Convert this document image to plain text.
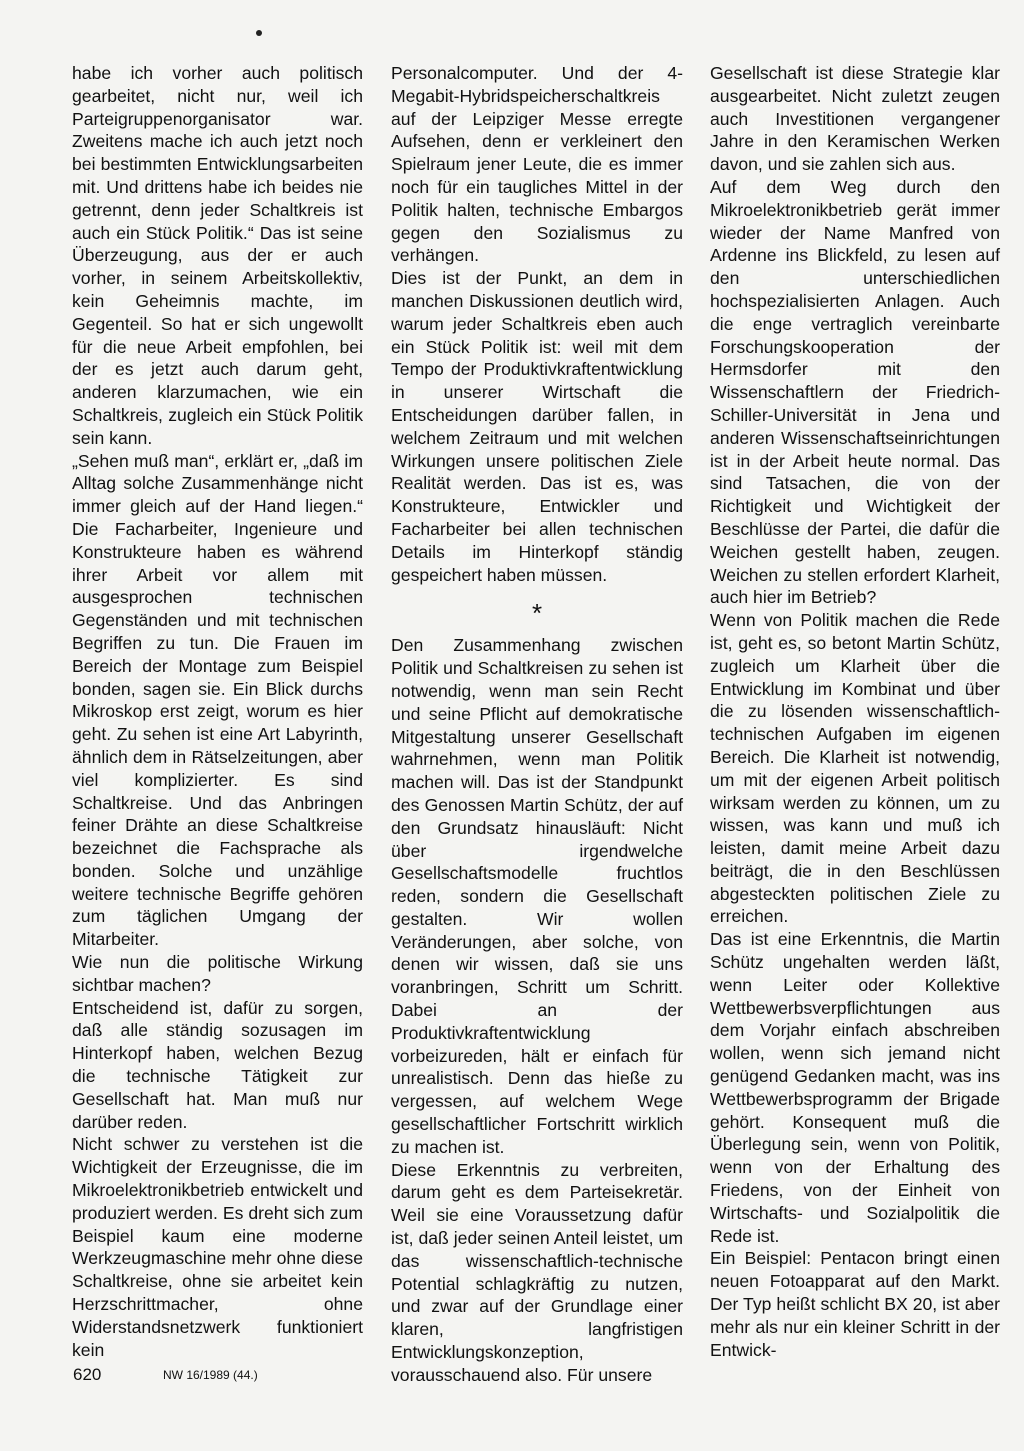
habe ich vorher auch politisch gearbeitet, nicht nur, weil ich Parteigruppenorganisator war. Zweitens mache ich auch jetzt noch bei bestimmten Entwicklungsarbeiten mit. Und drittens habe ich beides nie getrennt, denn jeder Schaltkreis ist auch ein Stück Politik.“ Das ist seine Überzeugung, aus der er auch vorher, in seinem Arbeitskollektiv, kein Geheimnis machte, im Gegenteil. So hat er sich ungewollt für die neue Arbeit empfohlen, bei der es jetzt auch darum geht, anderen klarzumachen, wie ein Schaltkreis, zugleich ein Stück Politik sein kann.

„Sehen muß man“, erklärt er, „daß im Alltag solche Zusammenhänge nicht immer gleich auf der Hand liegen.“ Die Facharbeiter, Ingenieure und Konstrukteure haben es während ihrer Arbeit vor allem mit ausgesprochen technischen Gegenständen und mit technischen Begriffen zu tun. Die Frauen im Bereich der Montage zum Beispiel bonden, sagen sie. Ein Blick durchs Mikroskop erst zeigt, worum es hier geht. Zu sehen ist eine Art Labyrinth, ähnlich dem in Rätselzeitungen, aber viel komplizierter. Es sind Schaltkreise. Und das Anbringen feiner Drähte an diese Schaltkreise bezeichnet die Fachsprache als bonden. Solche und unzählige weitere technische Begriffe gehören zum täglichen Umgang der Mitarbeiter.

Wie nun die politische Wirkung sichtbar machen?

Entscheidend ist, dafür zu sorgen, daß alle ständig sozusagen im Hinterkopf haben, welchen Bezug die technische Tätigkeit zur Gesellschaft hat. Man muß nur darüber reden.

Nicht schwer zu verstehen ist die Wichtigkeit der Erzeugnisse, die im Mikroelektronikbetrieb entwickelt und produziert werden. Es dreht sich zum Beispiel kaum eine moderne Werkzeugmaschine mehr ohne diese Schaltkreise, ohne sie arbeitet kein Herzschrittmacher, ohne Widerstandsnetzwerk funktioniert kein

Personalcomputer. Und der 4-Megabit-Hybridspeicherschaltkreis auf der Leipziger Messe erregte Aufsehen, denn er verkleinert den Spielraum jener Leute, die es immer noch für ein taugliches Mittel in der Politik halten, technische Embargos gegen den Sozialismus zu verhängen.

Dies ist der Punkt, an dem in manchen Diskussionen deutlich wird, warum jeder Schaltkreis eben auch ein Stück Politik ist: weil mit dem Tempo der Produktivkraftentwicklung in unserer Wirtschaft die Entscheidungen darüber fallen, in welchem Zeitraum und mit welchen Wirkungen unsere politischen Ziele Realität werden. Das ist es, was Konstrukteure, Entwickler und Facharbeiter bei allen technischen Details im Hinterkopf ständig gespeichert haben müssen.

*

Den Zusammenhang zwischen Politik und Schaltkreisen zu sehen ist notwendig, wenn man sein Recht und seine Pflicht auf demokratische Mitgestaltung unserer Gesellschaft wahrnehmen, wenn man Politik machen will. Das ist der Standpunkt des Genossen Martin Schütz, der auf den Grundsatz hinausläuft: Nicht über irgendwelche Gesellschaftsmodelle fruchtlos reden, sondern die Gesellschaft gestalten. Wir wollen Veränderungen, aber solche, von denen wir wissen, daß sie uns voranbringen, Schritt um Schritt. Dabei an der Produktivkraftentwicklung vorbeizureden, hält er einfach für unrealistisch. Denn das hieße zu vergessen, auf welchem Wege gesellschaftlicher Fortschritt wirklich zu machen ist.

Diese Erkenntnis zu verbreiten, darum geht es dem Parteisekretär. Weil sie eine Voraussetzung dafür ist, daß jeder seinen Anteil leistet, um das wissenschaftlich-technische Potential schlagkräftig zu nutzen, und zwar auf der Grundlage einer klaren, langfristigen Entwicklungskonzeption, vorausschauend also. Für unsere

Gesellschaft ist diese Strategie klar ausgearbeitet. Nicht zuletzt zeugen auch Investitionen vergangener Jahre in den Keramischen Werken davon, und sie zahlen sich aus.

Auf dem Weg durch den Mikroelektronikbetrieb gerät immer wieder der Name Manfred von Ardenne ins Blickfeld, zu lesen auf den unterschiedlichen hochspezialisierten Anlagen. Auch die enge vertraglich vereinbarte Forschungskooperation der Hermsdorfer mit den Wissenschaftlern der Friedrich-Schiller-Universität in Jena und anderen Wissenschaftseinrichtungen ist in der Arbeit heute normal. Das sind Tatsachen, die von der Richtigkeit und Wichtigkeit der Beschlüsse der Partei, die dafür die Weichen gestellt haben, zeugen. Weichen zu stellen erfordert Klarheit, auch hier im Betrieb?

Wenn von Politik machen die Rede ist, geht es, so betont Martin Schütz, zugleich um Klarheit über die Entwicklung im Kombinat und über die zu lösenden wissenschaftlich-technischen Aufgaben im eigenen Bereich. Die Klarheit ist notwendig, um mit der eigenen Arbeit politisch wirksam werden zu können, um zu wissen, was kann und muß ich leisten, damit meine Arbeit dazu beiträgt, die in den Beschlüssen abgesteckten politischen Ziele zu erreichen.

Das ist eine Erkenntnis, die Martin Schütz ungehalten werden läßt, wenn Leiter oder Kollektive Wettbewerbsverpflichtungen aus dem Vorjahr einfach abschreiben wollen, wenn sich jemand nicht genügend Gedanken macht, was ins Wettbewerbsprogramm der Brigade gehört. Konsequent muß die Überlegung sein, wenn von Politik, wenn von der Erhaltung des Friedens, von der Einheit von Wirtschafts- und Sozialpolitik die Rede ist.

Ein Beispiel: Pentacon bringt einen neuen Fotoapparat auf den Markt. Der Typ heißt schlicht BX 20, ist aber mehr als nur ein kleiner Schritt in der Entwick-

620	NW 16/1989 (44.)
